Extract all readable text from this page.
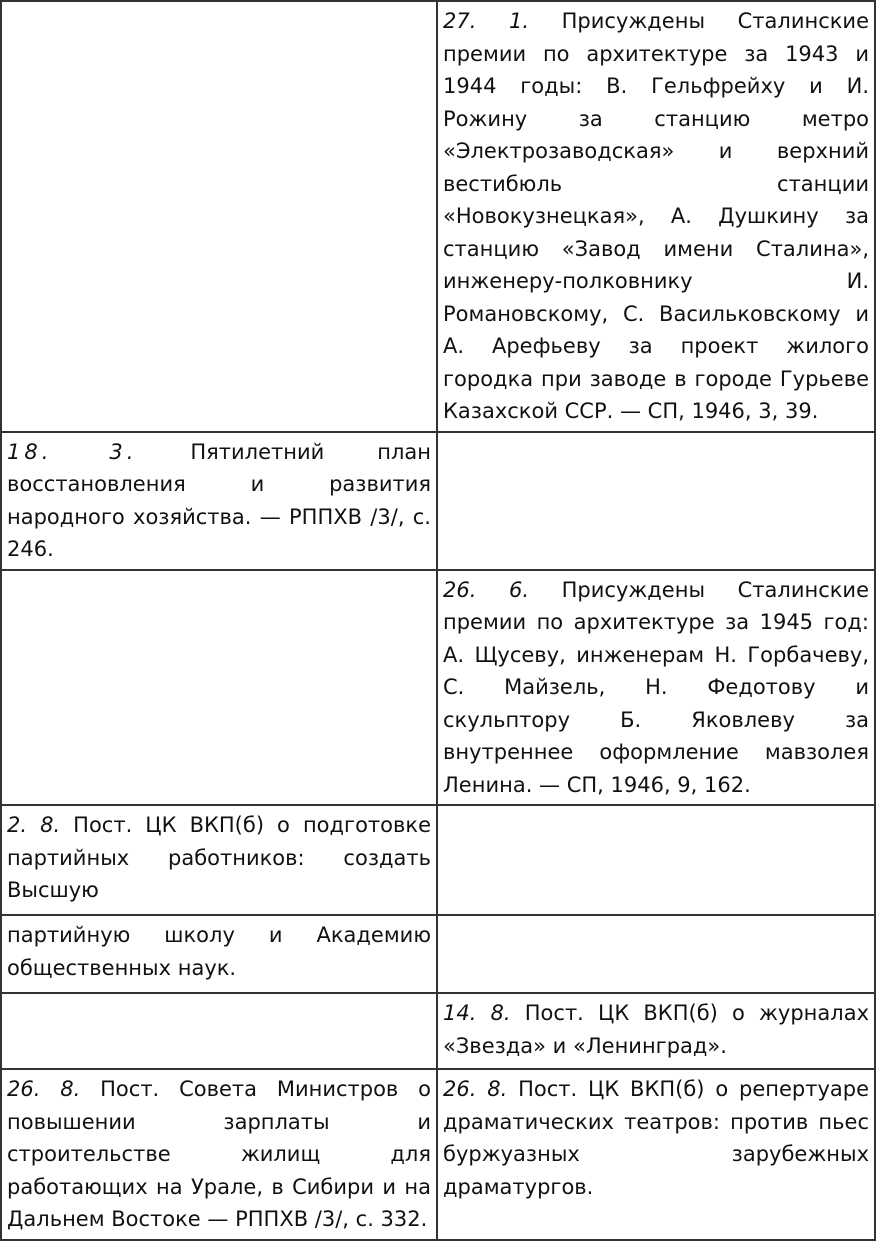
	27. 1. Присуждены Сталинские премии по архитектуре за 1943 и 1944 годы: В. Гельфрейху и И. Рожину за станцию метро «Электрозаводская» и верхний вестибюль станции «Новокузнецкая», А. Душкину за станцию «Завод имени Сталина», инженеру-полковнику И. Романовскому, С. Васильковскому и А. Арефьеву за проект жилого городка при заводе в городе Гурьеве Казахской ССР. — СП, 1946, 3, 39.
18. 3. Пятилетний план восстановления и развития народного хозяйства. — РППХВ /3/, с. 246.	
	26. 6. Присуждены Сталинские премии по архитектуре за 1945 год: А. Щусеву, инженерам Н. Горбачеву, С. Майзель, Н. Федотову и скульптору Б. Яковлеву за внутреннее оформление мавзолея Ленина. — СП, 1946, 9, 162.
2. 8. Пост. ЦК ВКП(б) о подготовке партийных работников: создать Высшую	
партийную школу и Академию общественных наук.	
	14. 8. Пост. ЦК ВКП(б) о журналах «Звезда» и «Ленинград».
26. 8. Пост. Совета Министров о повышении зарплаты и строительстве жилищ для работающих на Урале, в Сибири и на Дальнем Востоке — РППХВ /3/, с. 332.	26. 8. Пост. ЦК ВКП(б) о репертуаре драматических театров: против пьес буржуазных зарубежных драматургов.
